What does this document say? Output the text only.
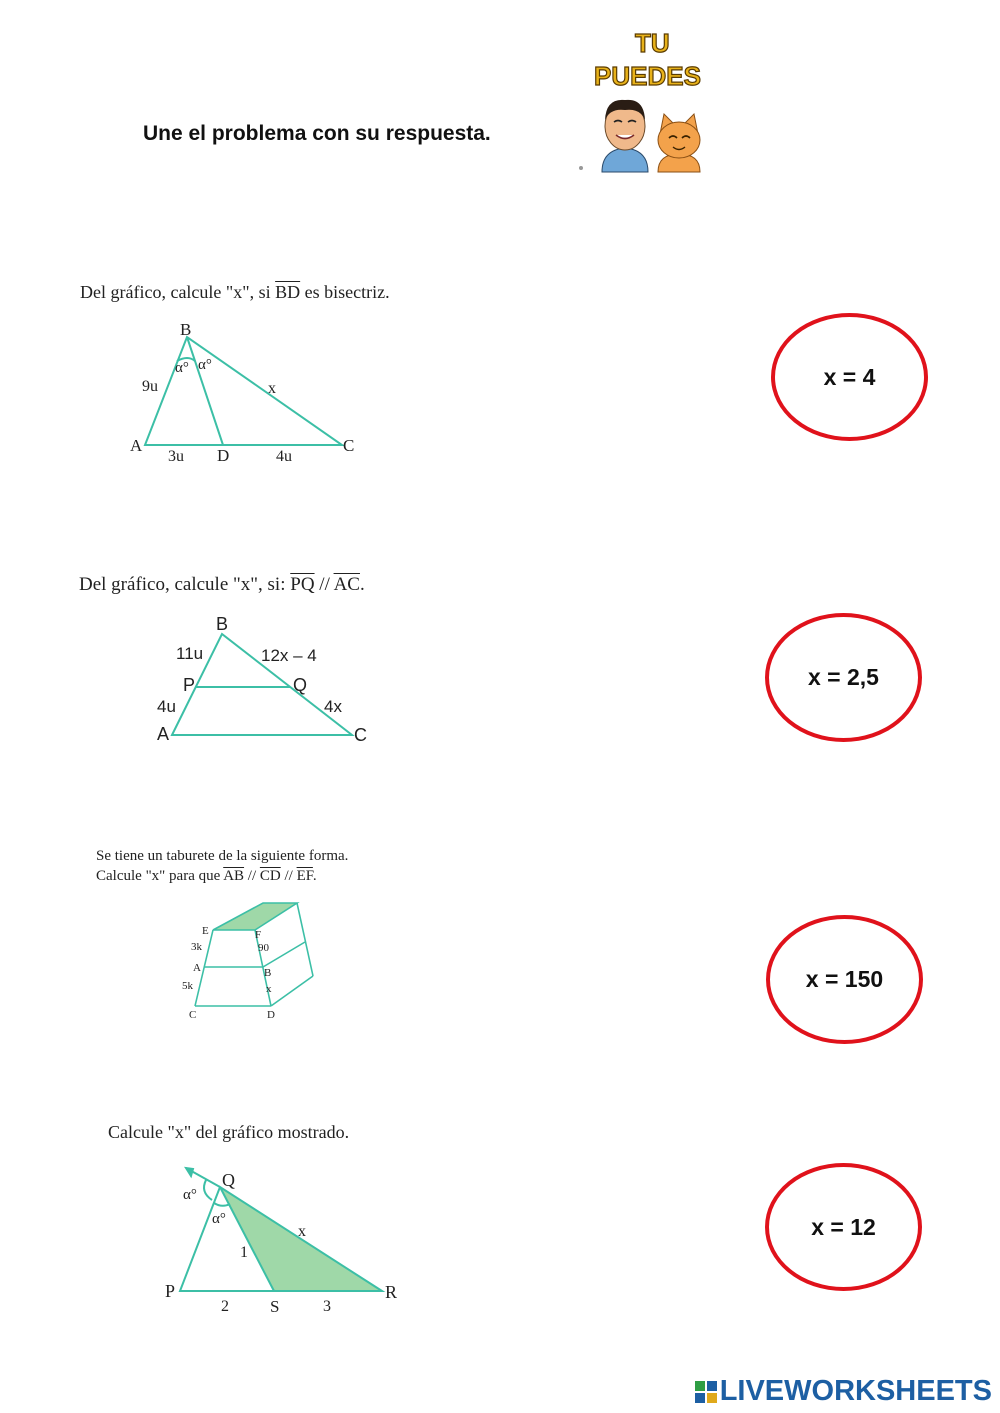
Une el problema con su respuesta.
TU
PUEDES
Del gráfico, calcule "x", si $\overline{BD}$ es bisectriz.
B
A
D
C
9u	x
3u	4u
α° α°
Del gráfico, calcule "x", si: $\overline{PQ} // \overline{AC}$.
B
P	Q
A	C
11u	12x – 4
4u	4x
Se tiene un taburete de la siguiente forma.
Calcule "x" para que $\overline{AB} // \overline{CD} // \overline{EF}$.
E	F
A	B
C	D
3k
5k
90
x
Calcule "x" del gráfico mostrado.
Q
P
S
R
α°
α°
1
x
2	3
x = 4
x = 2,5
x = 150
x = 12
LIVEWORKSHEETS
